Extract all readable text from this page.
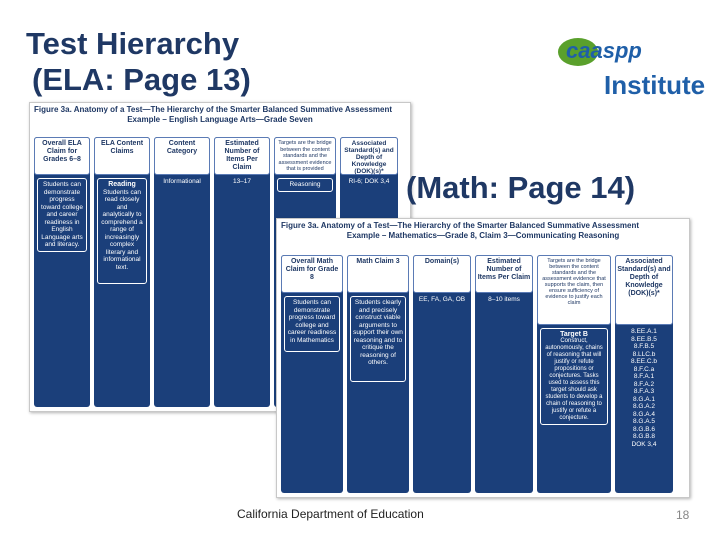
Test Hierarchy
(ELA: Page 13)
caaspp
Institute
Figure 3a. Anatomy of a Test—The Hierarchy of the Smarter Balanced Summative Assessment
Example – English Language Arts—Grade Seven
Overall ELA Claim for Grades 6–8
Students can demonstrate progress toward college and career readiness in English Language arts and literacy.
ELA Content Claims
Reading
Students can read closely and analytically to comprehend a range of increasingly complex literary and informational text.
Content Category
Informational
Estimated Number of Items Per Claim
13–17
Targets are the bridge between the content standards and the assessment evidence that is provided
Reasoning
Associated Standard(s) and Depth of Knowledge (DOK)(s)*
RI-6; DOK 3,4 (Math: Page 14)
Figure 3a. Anatomy of a Test—The Hierarchy of the Smarter Balanced Summative Assessment
Example – Mathematics—Grade 8, Claim 3—Communicating Reasoning
Overall Math Claim for Grade 8
Students can demonstrate progress toward college and career readiness in Mathematics
Math Claim 3
Students clearly and precisely construct viable arguments to support their own reasoning and to critique the reasoning of others.
Domain(s)
EE, FA, GA, OB
Estimated Number of Items Per Claim
8–10 items
Targets are the bridge between the content standards and the assessment evidence that supports the claim, then ensure sufficiency of evidence to justify each claim
Target B
Construct, autonomously, chains of reasoning that will justify or refute propositions or conjectures. Tasks used to assess this target should ask students to develop a chain of reasoning to justify or refute a conjecture.
Associated Standard(s) and Depth of Knowledge (DOK)(s)*
8.EE.A.1
8.EE.B.5
8.F.B.5
8.LLC.b
8.EE.C.b
8.F.C.a
8.F.A.1
8.F.A.2
8.F.A.3
8.G.A.1
8.G.A.2
8.G.A.4
8.G.A.5
8.G.B.6
8.G.B.8
DOK 3,4
California Department of Education	18
